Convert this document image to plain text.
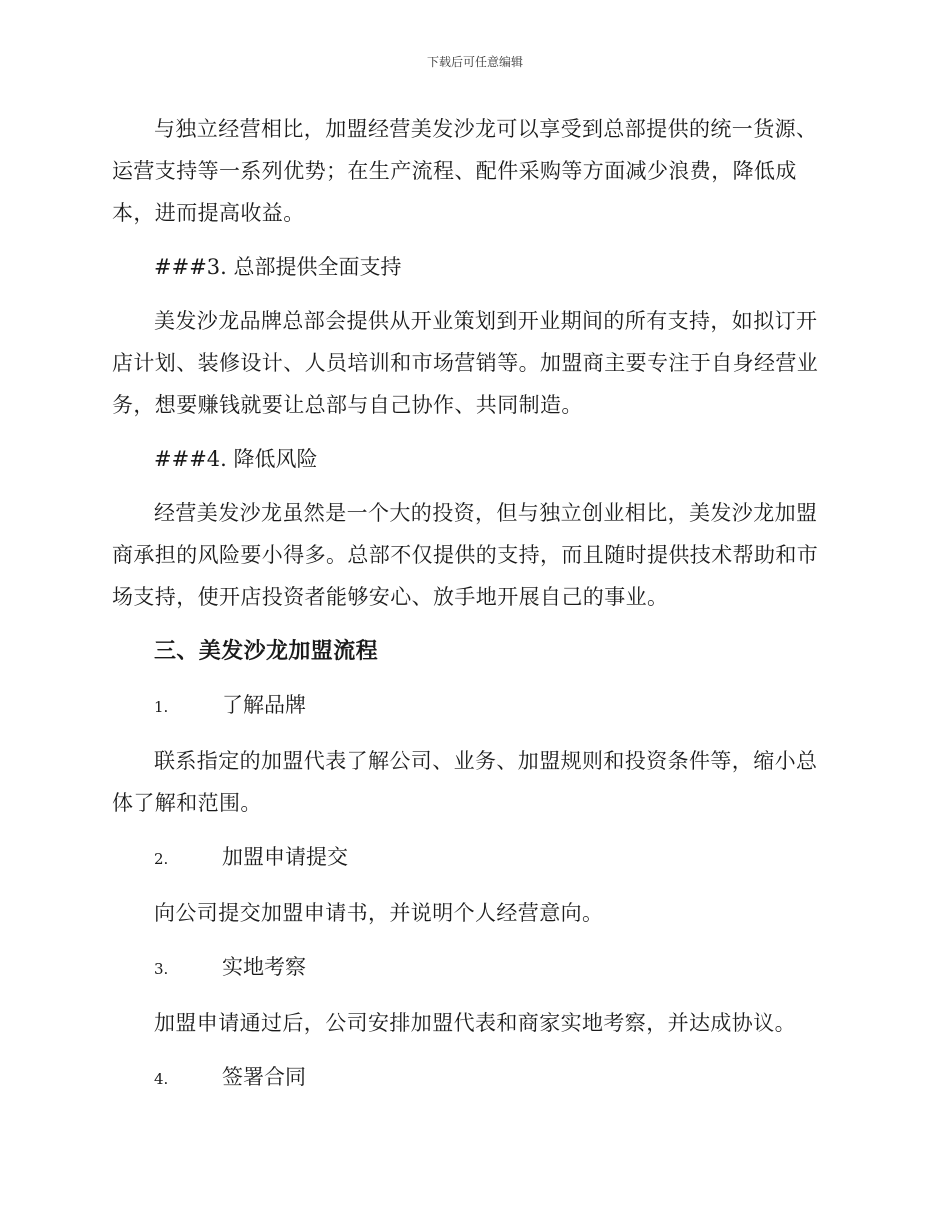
下载后可任意编辑

与独立经营相比，加盟经营美发沙龙可以享受到总部提供的统一货源、运营支持等一系列优势；在生产流程、配件采购等方面减少浪费，降低成本，进而提高收益。

###3. 总部提供全面支持

美发沙龙品牌总部会提供从开业策划到开业期间的所有支持，如拟订开店计划、装修设计、人员培训和市场营销等。加盟商主要专注于自身经营业务，想要赚钱就要让总部与自己协作、共同制造。

###4. 降低风险

经营美发沙龙虽然是一个大的投资，但与独立创业相比，美发沙龙加盟商承担的风险要小得多。总部不仅提供的支持，而且随时提供技术帮助和市场支持，使开店投资者能够安心、放手地开展自己的事业。

三、美发沙龙加盟流程
1.	了解品牌

联系指定的加盟代表了解公司、业务、加盟规则和投资条件等，缩小总体了解和范围。

2.	加盟申请提交

向公司提交加盟申请书，并说明个人经营意向。

3.	实地考察

加盟申请通过后，公司安排加盟代表和商家实地考察，并达成协议。

4.	签署合同
